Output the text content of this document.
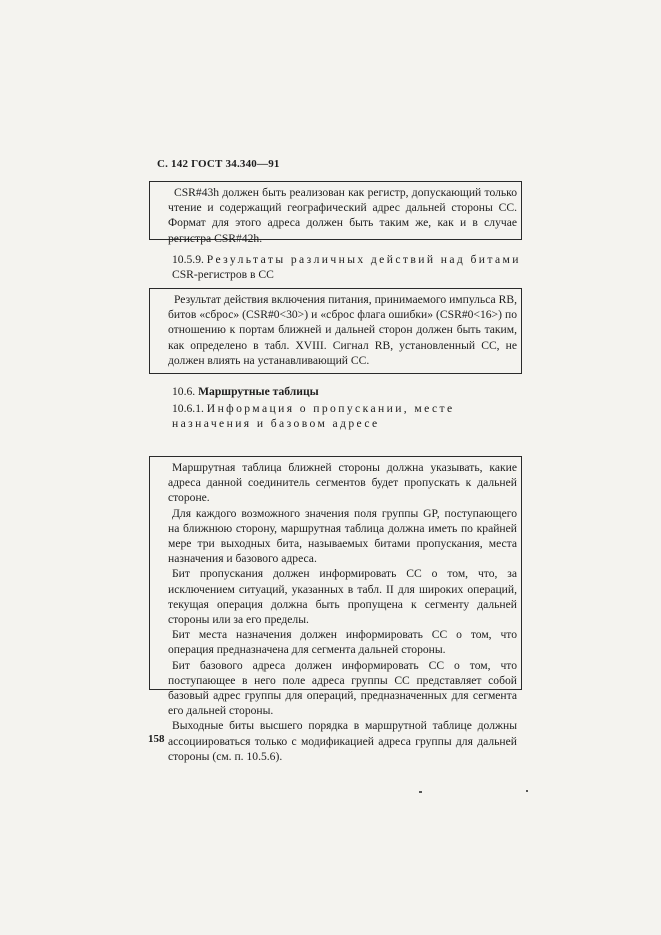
С. 142 ГОСТ 34.340—91

CSR#43h должен быть реализован как регистр, допускающий только чтение и содержащий географический адрес дальней стороны СС. Формат для этого адреса должен быть таким же, как и в случае регистра CSR#42h.

10.5.9. Результаты различных действий над битами CSR-регистров в СС

Результат действия включения питания, принимаемого импульса RB, битов «сброс» (CSR#0<30>) и «сброс флага ошибки» (CSR#0<16>) по отношению к портам ближней и дальней сторон должен быть таким, как определено в табл. XVIII. Сигнал RB, установленный СС, не должен влиять на устанавливающий СС.

10.6. Маршрутные таблицы
10.6.1. Информация о пропускании, месте назначения и базовом адресе

Маршрутная таблица ближней стороны должна указывать, какие адреса данной соединитель сегментов будет пропускать к дальней стороне.

Для каждого возможного значения поля группы GP, поступающего на ближнюю сторону, маршрутная таблица должна иметь по крайней мере три выходных бита, называемых битами пропускания, места назначения и базового адреса.

Бит пропускания должен информировать СС о том, что, за исключением ситуаций, указанных в табл. II для широких операций, текущая операция должна быть пропущена к сегменту дальней стороны или за его пределы.

Бит места назначения должен информировать СС о том, что операция предназначена для сегмента дальней стороны.

Бит базового адреса должен информировать СС о том, что поступающее в него поле адреса группы СС представляет собой базовый адрес группы для операций, предназначенных для сегмента его дальней стороны.

Выходные биты высшего порядка в маршрутной таблице должны ассоциироваться только с модификацией адреса группы для дальней стороны (см. п. 10.5.6).

158
